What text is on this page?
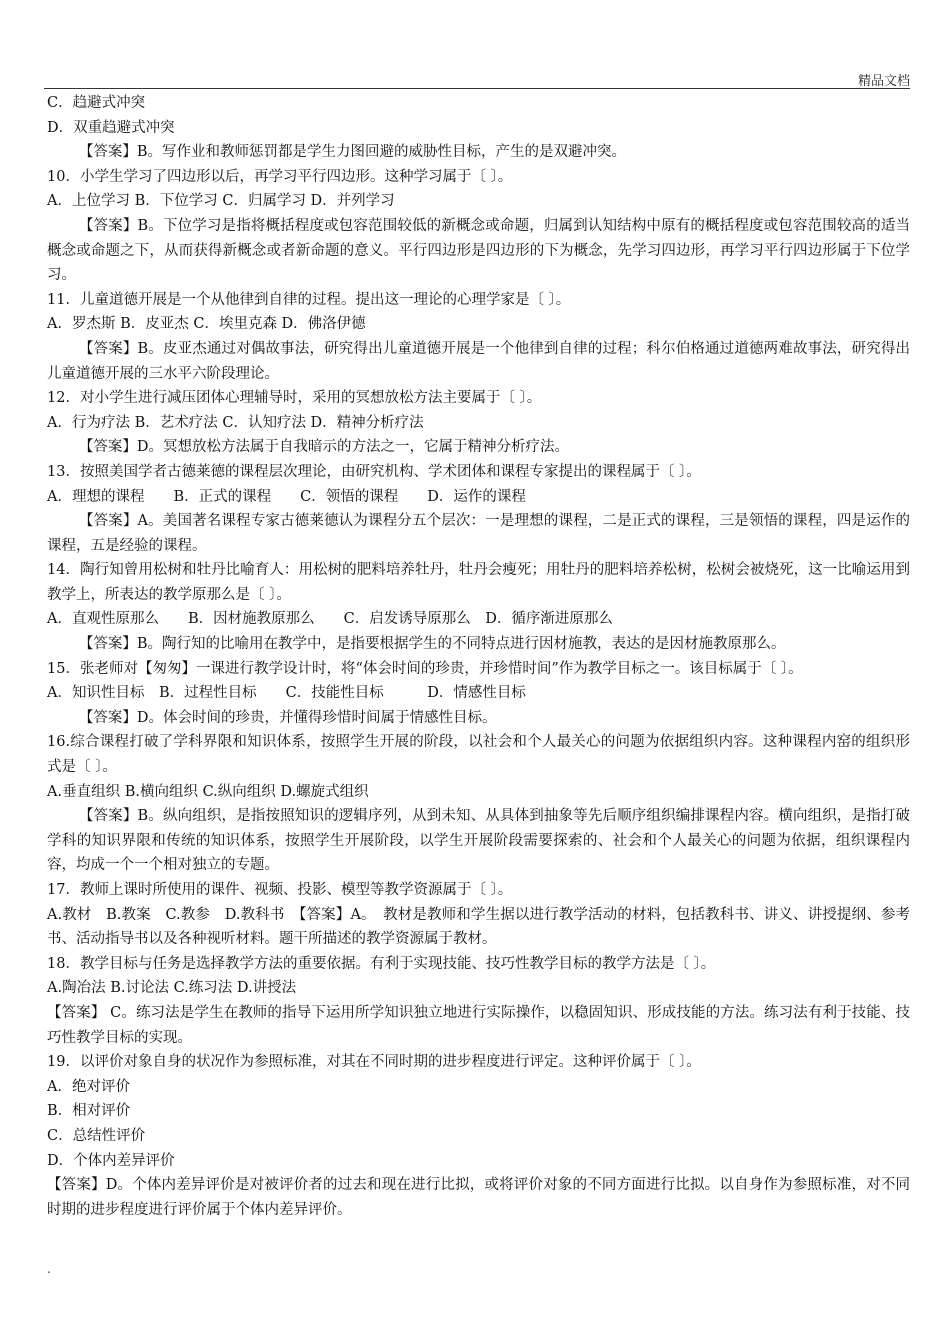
精品文档

C．趋避式冲突

D．双重趋避式冲突

【答案】B。写作业和教师惩罚都是学生力图回避的威胁性目标，产生的是双避冲突。

10．小学生学习了四边形以后，再学习平行四边形。这种学习属于〔 〕。

A．上位学习 B．下位学习 C．归属学习 D．并列学习

【答案】B。下位学习是指将概括程度或包容范围较低的新概念或命题，归属到认知结构中原有的概括程度或包容范围较高的适当概念或命题之下，从而获得新概念或者新命题的意义。平行四边形是四边形的下为概念，先学习四边形，再学习平行四边形属于下位学习。

11．儿童道德开展是一个从他律到自律的过程。提出这一理论的心理学家是〔 〕。

A．罗杰斯 B．皮亚杰 C．埃里克森 D．佛洛伊德

【答案】B。皮亚杰通过对偶故事法，研究得出儿童道德开展是一个他律到自律的过程；科尔伯格通过道德两难故事法，研究得出儿童道德开展的三水平六阶段理论。

12．对小学生进行减压团体心理辅导时，采用的冥想放松方法主要属于〔 〕。

A．行为疗法 B．艺术疗法 C．认知疗法 D．精神分析疗法

【答案】D。冥想放松方法属于自我暗示的方法之一，它属于精神分析疗法。

13．按照美国学者古德莱德的课程层次理论，由研究机构、学术团体和课程专家提出的课程属于〔 〕。

A．理想的课程　　B．正式的课程　　C．领悟的课程　　D．运作的课程

【答案】A。美国著名课程专家古德莱德认为课程分五个层次：一是理想的课程，二是正式的课程，三是领悟的课程，四是运作的课程，五是经验的课程。

14．陶行知曾用松树和牡丹比喻育人：用松树的肥料培养牡丹，牡丹会瘦死；用牡丹的肥料培养松树，松树会被烧死，这一比喻运用到教学上，所表达的教学原那么是〔 〕。

A．直观性原那么　　B．因材施教原那么　　C．启发诱导原那么　D．循序渐进原那么

【答案】B。陶行知的比喻用在教学中，是指要根据学生的不同特点进行因材施教，表达的是因材施教原那么。

15．张老师对【匆匆】一课进行教学设计时，将“体会时间的珍贵，并珍惜时间”作为教学目标之一。该目标属于〔 〕。

A．知识性目标　B．过程性目标　　C．技能性目标　　　D．情感性目标

【答案】D。体会时间的珍贵，并懂得珍惜时间属于情感性目标。

16.综合课程打破了学科界限和知识体系，按照学生开展的阶段，以社会和个人最关心的问题为依据组织内容。这种课程内窑的组织形式是〔 〕。

A.垂直组织 B.横向组织 C.纵向组织 D.螺旋式组织

【答案】B。纵向组织，是指按照知识的逻辑序列，从到未知、从具体到抽象等先后顺序组织编排课程内容。横向组织，是指打破学科的知识界限和传统的知识体系，按照学生开展阶段，以学生开展阶段需要探索的、社会和个人最关心的问题为依据，组织课程内容，均成一个一个相对独立的专题。

17．教师上课时所使用的课件、视频、投影、模型等教学资源属于〔 〕。

A.教材　B.教案　C.教参　D.教科书　【答案】A。　教材是教师和学生据以进行教学活动的材料，包括教科书、讲义、讲授提纲、参考书、活动指导书以及各种视听材料。题干所描述的教学资源属于教材。

18．教学目标与任务是选择教学方法的重要依据。有利于实现技能、技巧性教学目标的教学方法是〔 〕。

A.陶冶法 B.讨论法 C.练习法 D.讲授法

【答案】 C。练习法是学生在教师的指导下运用所学知识独立地进行实际操作，以稳固知识、形成技能的方法。练习法有利于技能、技巧性教学目标的实现。

19．以评价对象自身的状况作为参照标准，对其在不同时期的进步程度进行评定。这种评价属于〔 〕。

A．绝对评价

B．相对评价

C．总结性评价

D．个体内差异评价

【答案】D。个体内差异评价是对被评价者的过去和现在进行比拟，或将评价对象的不同方面进行比拟。以自身作为参照标准，对不同时期的进步程度进行评价属于个体内差异评价。

.
